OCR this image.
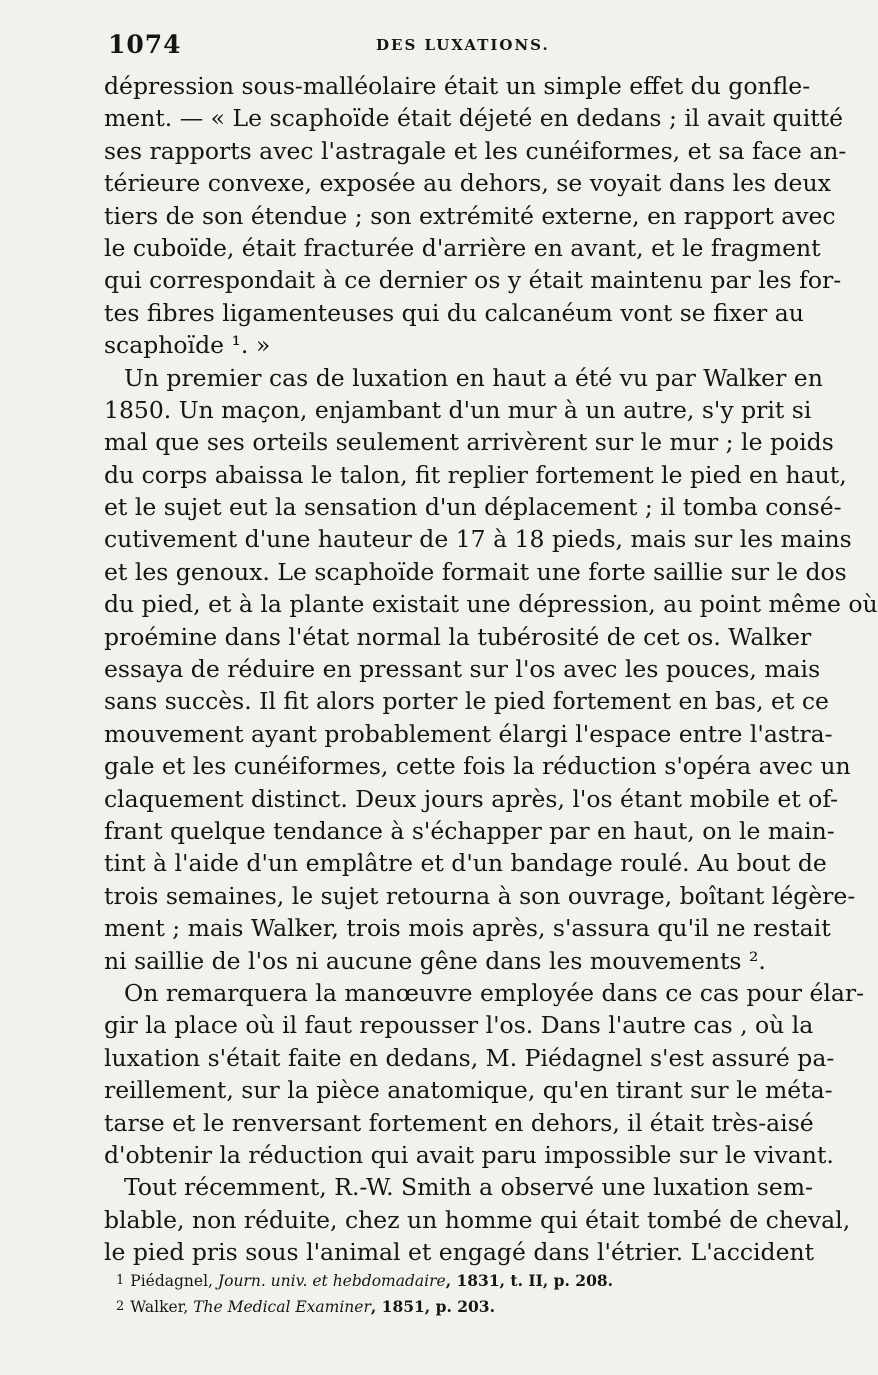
1074	DES LUXATIONS.
dépression sous-malléolaire était un simple effet du gonfle-
ment. — « Le scaphoïde était déjeté en dedans ; il avait quitté
ses rapports avec l'astragale et les cunéiformes, et sa face an-
térieure convexe, exposée au dehors, se voyait dans les deux
tiers de son étendue ; son extrémité externe, en rapport avec
le cuboïde, était fracturée d'arrière en avant, et le fragment
qui correspondait à ce dernier os y était maintenu par les for-
tes fibres ligamenteuses qui du calcanéum vont se fixer au
scaphoïde ¹. »
Un premier cas de luxation en haut a été vu par Walker en
1850. Un maçon, enjambant d'un mur à un autre, s'y prit si
mal que ses orteils seulement arrivèrent sur le mur ; le poids
du corps abaissa le talon, fit replier fortement le pied en haut,
et le sujet eut la sensation d'un déplacement ; il tomba consé-
cutivement d'une hauteur de 17 à 18 pieds, mais sur les mains
et les genoux. Le scaphoïde formait une forte saillie sur le dos
du pied, et à la plante existait une dépression, au point même où
proémine dans l'état normal la tubérosité de cet os. Walker
essaya de réduire en pressant sur l'os avec les pouces, mais
sans succès. Il fit alors porter le pied fortement en bas, et ce
mouvement ayant probablement élargi l'espace entre l'astra-
gale et les cunéiformes, cette fois la réduction s'opéra avec un
claquement distinct. Deux jours après, l'os étant mobile et of-
frant quelque tendance à s'échapper par en haut, on le main-
tint à l'aide d'un emplâtre et d'un bandage roulé. Au bout de
trois semaines, le sujet retourna à son ouvrage, boîtant légère-
ment ; mais Walker, trois mois après, s'assura qu'il ne restait
ni saillie de l'os ni aucune gêne dans les mouvements ².
On remarquera la manœuvre employée dans ce cas pour élar-
gir la place où il faut repousser l'os. Dans l'autre cas , où la
luxation s'était faite en dedans, M. Piédagnel s'est assuré pa-
reillement, sur la pièce anatomique, qu'en tirant sur le méta-
tarse et le renversant fortement en dehors, il était très-aisé
d'obtenir la réduction qui avait paru impossible sur le vivant.
Tout récemment, R.-W. Smith a observé une luxation sem-
blable, non réduite, chez un homme qui était tombé de cheval,
le pied pris sous l'animal et engagé dans l'étrier. L'accident
$^1$ Piédagnel, Journ. univ. et hebdomadaire, 1831, t. II, p. 208.
$^2$ Walker, The Medical Examiner, 1851, p. 203.
